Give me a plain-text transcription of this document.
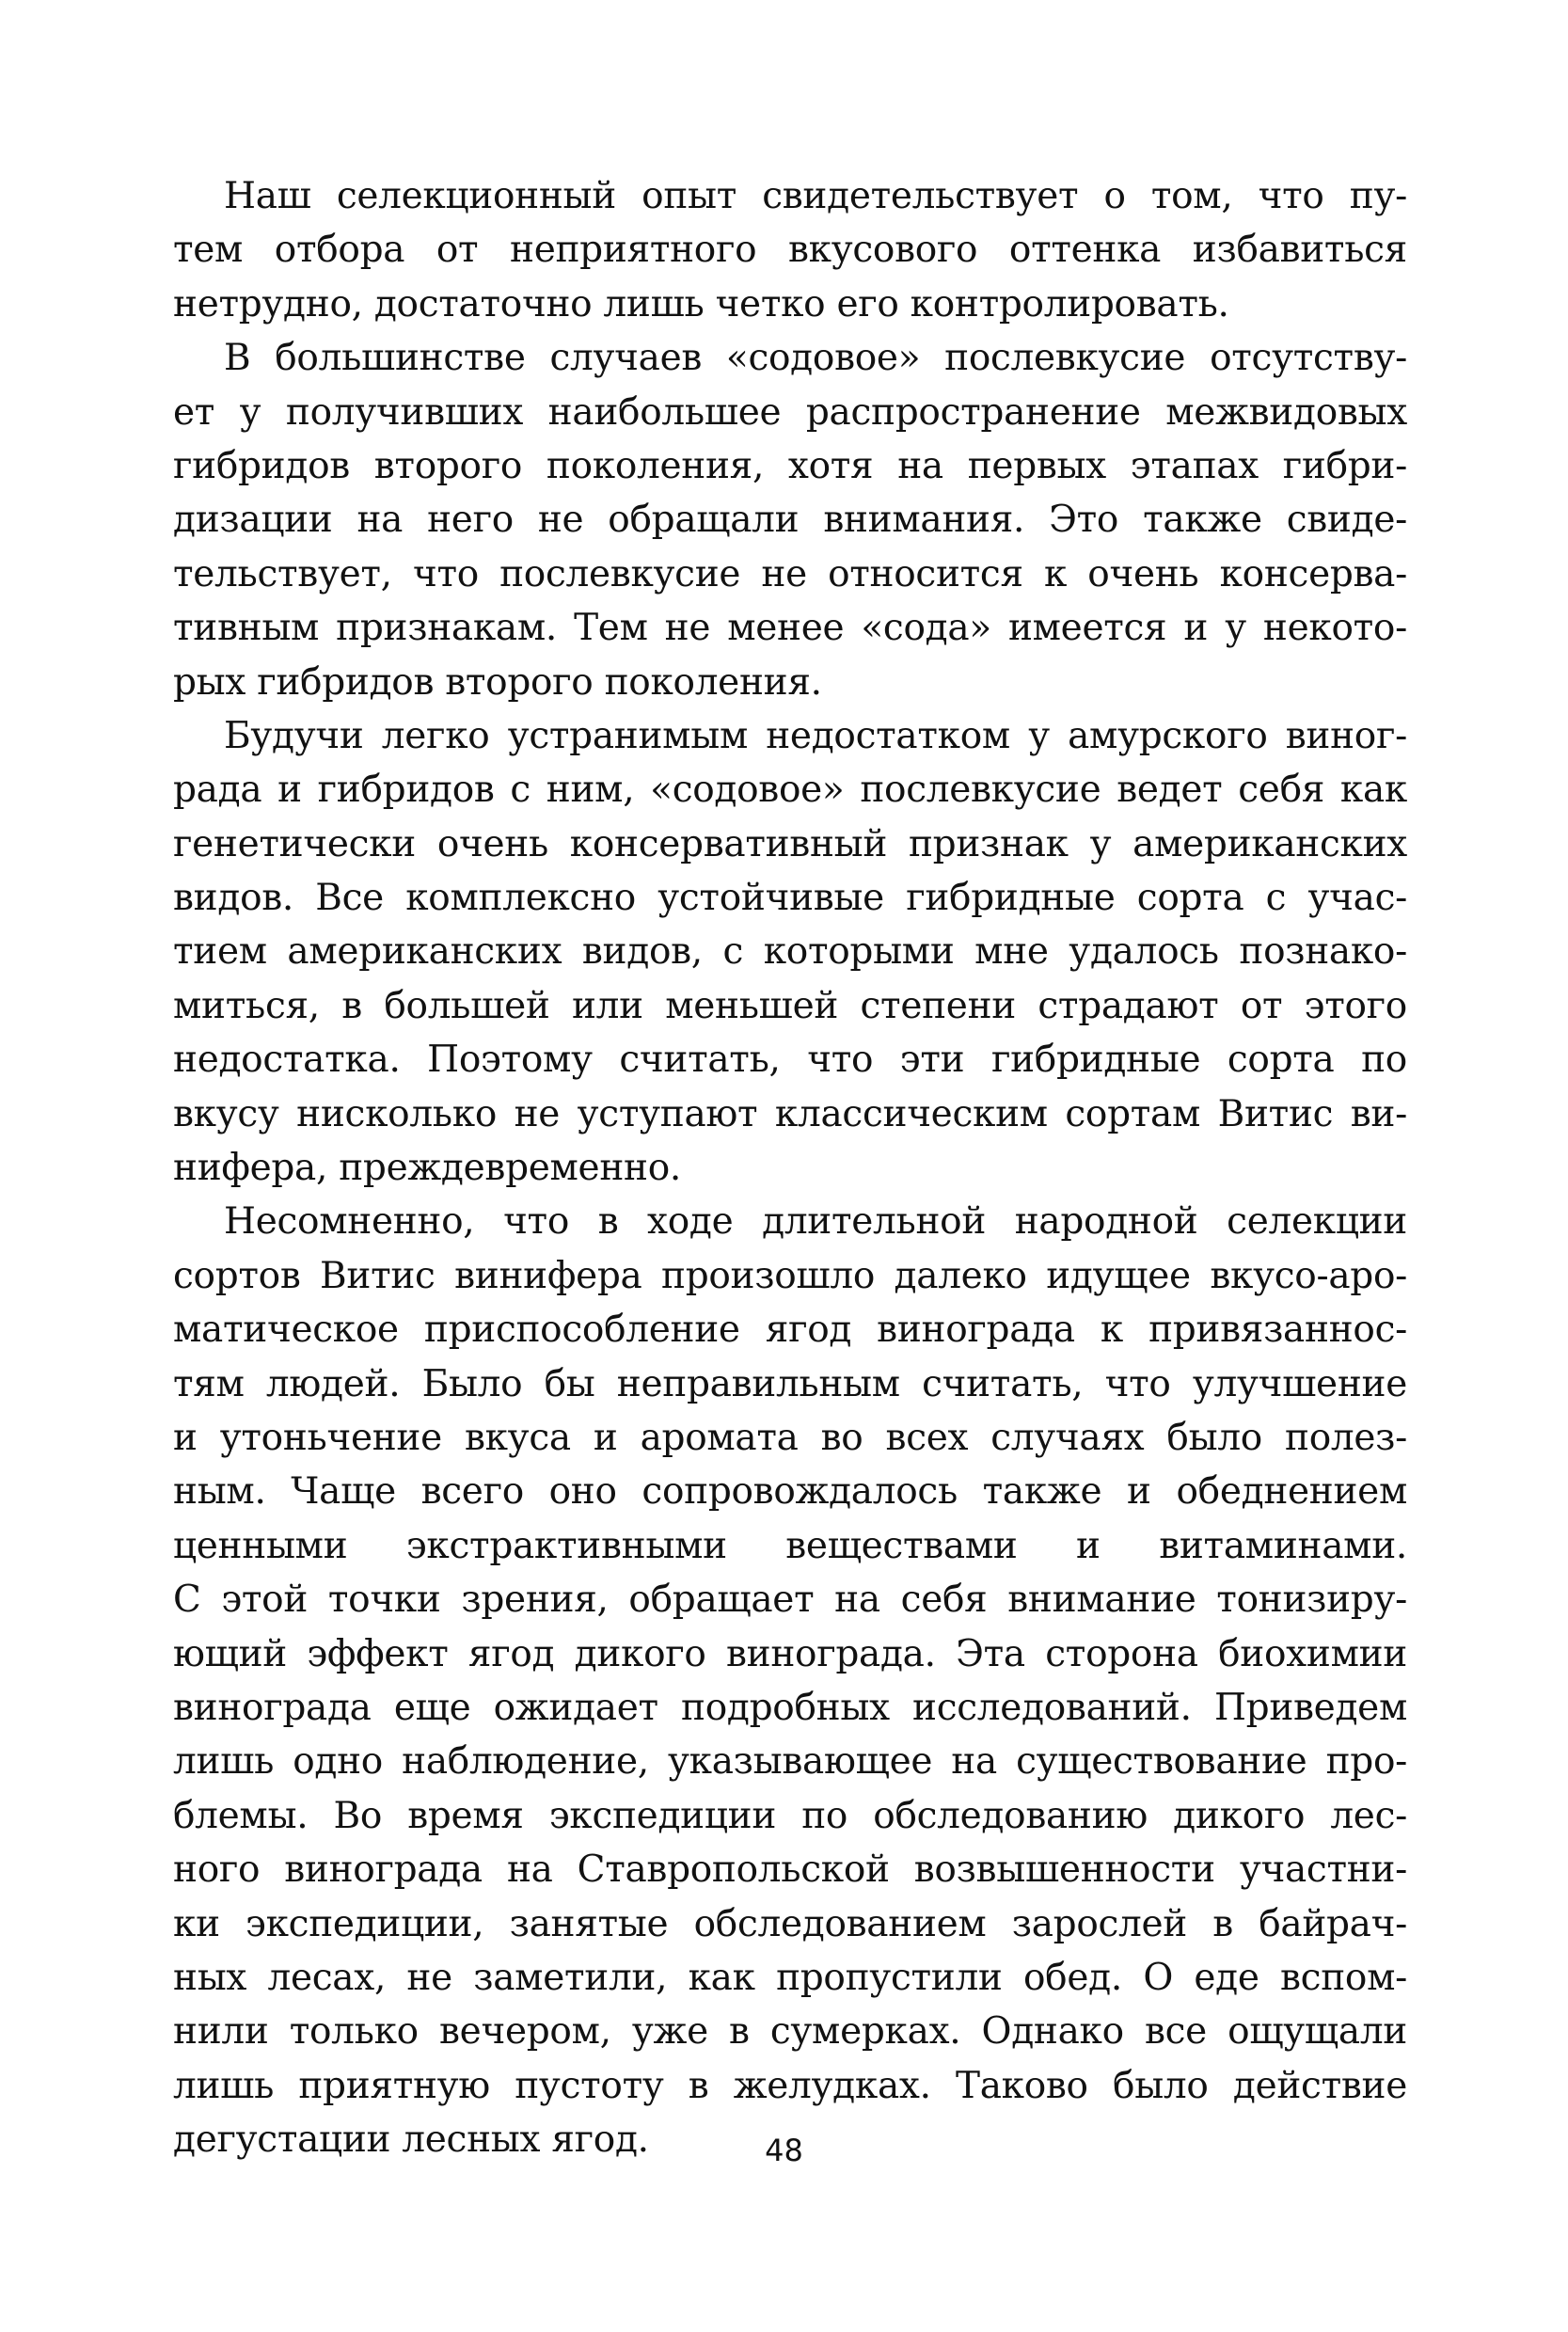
Наш селекционный опыт свидетельствует о том, что пу-
тем отбора от неприятного вкусового оттенка избавиться
нетрудно, достаточно лишь четко его контролировать.
В большинстве случаев «содовое» послевкусие отсутству-
ет у получивших наибольшее распространение межвидовых
гибридов второго поколения, хотя на первых этапах гибри-
дизации на него не обращали внимания. Это также свиде-
тельствует, что послевкусие не относится к очень консерва-
тивным признакам. Тем не менее «сода» имеется и у некото-
рых гибридов второго поколения.
Будучи легко устранимым недостатком у амурского виног-
рада и гибридов с ним, «содовое» послевкусие ведет себя как
генетически очень консервативный признак у американских
видов. Все комплексно устойчивые гибридные сорта с учас-
тием американских видов, с которыми мне удалось познако-
миться, в большей или меньшей степени страдают от этого
недостатка. Поэтому считать, что эти гибридные сорта по
вкусу нисколько не уступают классическим сортам Витис ви-
нифера, преждевременно.
Несомненно, что в ходе длительной народной селекции
сортов Витис винифера произошло далеко идущее вкусо-аро-
матическое приспособление ягод винограда к привязаннос-
тям людей. Было бы неправильным считать, что улучшение
и утоньчение вкуса и аромата во всех случаях было полез-
ным. Чаще всего оно сопровождалось также и обеднением
ценными экстрактивными веществами и витаминами.
С этой точки зрения, обращает на себя внимание тонизиру-
ющий эффект ягод дикого винограда. Эта сторона биохимии
винограда еще ожидает подробных исследований. Приведем
лишь одно наблюдение, указывающее на существование про-
блемы. Во время экспедиции по обследованию дикого лес-
ного винограда на Ставропольской возвышенности участни-
ки экспедиции, занятые обследованием зарослей в байрач-
ных лесах, не заметили, как пропустили обед. О еде вспом-
нили только вечером, уже в сумерках. Однако все ощущали
лишь приятную пустоту в желудках. Таково было действие
дегустации лесных ягод.	48
